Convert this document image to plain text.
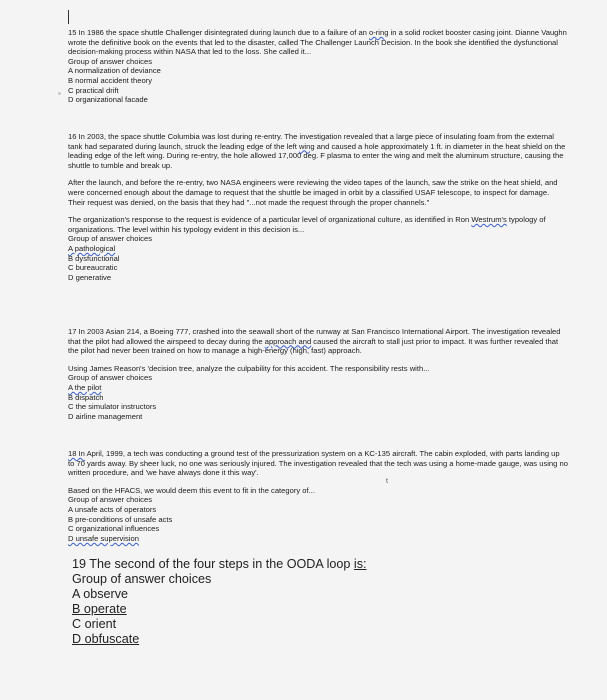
15 In 1986 the space shuttle Challenger disintegrated during launch due to a failure of an o-ring in a solid rocket booster casing joint. Dianne Vaughn wrote the definitive book on the events that led to the disaster, called The Challenger Launch Decision. In the book she identified the dysfunctional decision-making process within NASA that led to the loss. She called it...

Group of answer choices

A normalization of deviance

B normal accident theory

C practical drift

D organizational facade

16 In 2003, the space shuttle Columbia was lost during re-entry. The investigation revealed that a large piece of insulating foam from the external tank had separated during launch, struck the leading edge of the left wing and caused a hole approximately 1 ft. in diameter in the heat shield on the leading edge of the left wing. During re-entry, the hole allowed 17,000 deg. F plasma to enter the wing and melt the aluminum structure, causing the shuttle to tumble and break up.

After the launch, and before the re-entry, two NASA engineers were reviewing the video tapes of the launch, saw the strike on the heat shield, and were concerned enough about the damage to request that the shuttle be imaged in orbit by a classified USAF telescope, to inspect for damage. Their request was denied, on the basis that they had "...not made the request through the proper channels."

The organization's response to the request is evidence of a particular level of organizational culture, as identified in Ron Westrum's typology of organizations. The level within his typology evident in this decision is...

Group of answer choices

A pathological

B dysfunctional

C bureaucratic

D generative

17 In 2003 Asian 214, a Boeing 777, crashed into the seawall short of the runway at San Francisco International Airport. The investigation revealed that the pilot had allowed the airspeed to decay during the approach and caused the aircraft to stall just prior to impact. It was further revealed that the pilot had never been trained on how to manage a high-energy (high, fast) approach.

Using James Reason's 'decision tree, analyze the culpability for this accident. The responsibility rests with...

Group of answer choices

A the pilot

B dispatch

C the simulator instructors

D airline management

18 In April, 1999, a tech was conducting a ground test of the pressurization system on a KC-135 aircraft. The cabin exploded, with parts landing up to 70 yards away. By sheer luck, no one was seriously injured. The investigation revealed that the tech was using a home-made gauge, was using no written procedure, and 'we have always done it this way'.

Based on the HFACS, we would deem this event to fit in the category of...

Group of answer choices

A unsafe acts of operators

B pre-conditions of unsafe acts

C organizational influences

D unsafe supervision

t

19 The second of the four steps in the OODA loop is:

Group of answer choices

A observe

B operate

C orient

D obfuscate
